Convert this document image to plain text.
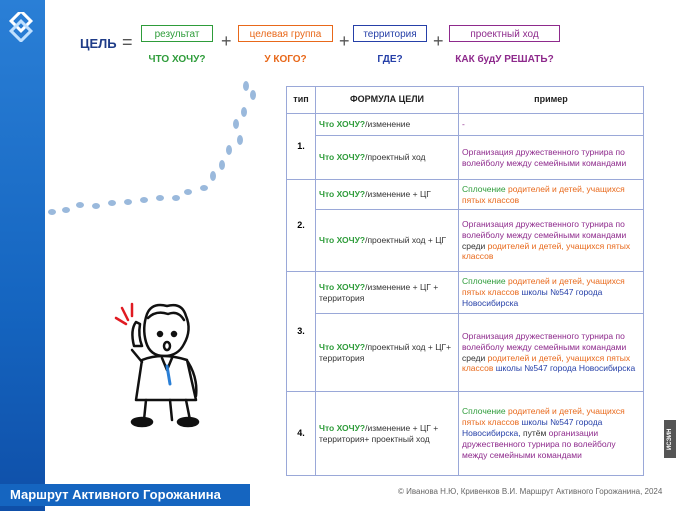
ЦЕЛЬ =	результат
ЧТО ХОЧУ?
+	целевая группа
У КОГО?
+	территория
ГДЕ?
+	проектный ход
КАК будУ РЕШАТЬ?
тип	ФОРМУЛА ЦЕЛИ	пример
1.	Что ХОЧУ?/изменение	-
	Что ХОЧУ?/проектный ход	Организация дружественного турнира по волейболу между семейными командами
2.	Что ХОЧУ?/изменение + ЦГ	Сплочение родителей и детей, учащихся пятых классов
	Что ХОЧУ?/проектный ход + ЦГ	Организация дружественного турнира по волейболу между семейными командами среди родителей и детей, учащихся пятых классов
3.	Что ХОЧУ?/изменение + ЦГ + территория	Сплочение родителей и детей, учащихся пятых классов школы №547 города Новосибирска
	Что ХОЧУ?/проектный ход + ЦГ+ территория	Организация дружественного турнира по волейболу между семейными командами среди родителей и детей, учащихся пятых классов школы №547 города Новосибирска
4.	Что ХОЧУ?/изменение + ЦГ + территория+ проектный ход	Сплочение родителей и детей, учащихся пятых классов школы №547 города Новосибирска, путём организации дружественного турнира по волейболу между семейными командами
ИСЭИН
Маршрут Активного Горожанина	© Иванова Н.Ю, Кривенков В.И. Маршрут Активного Горожанина, 2024
